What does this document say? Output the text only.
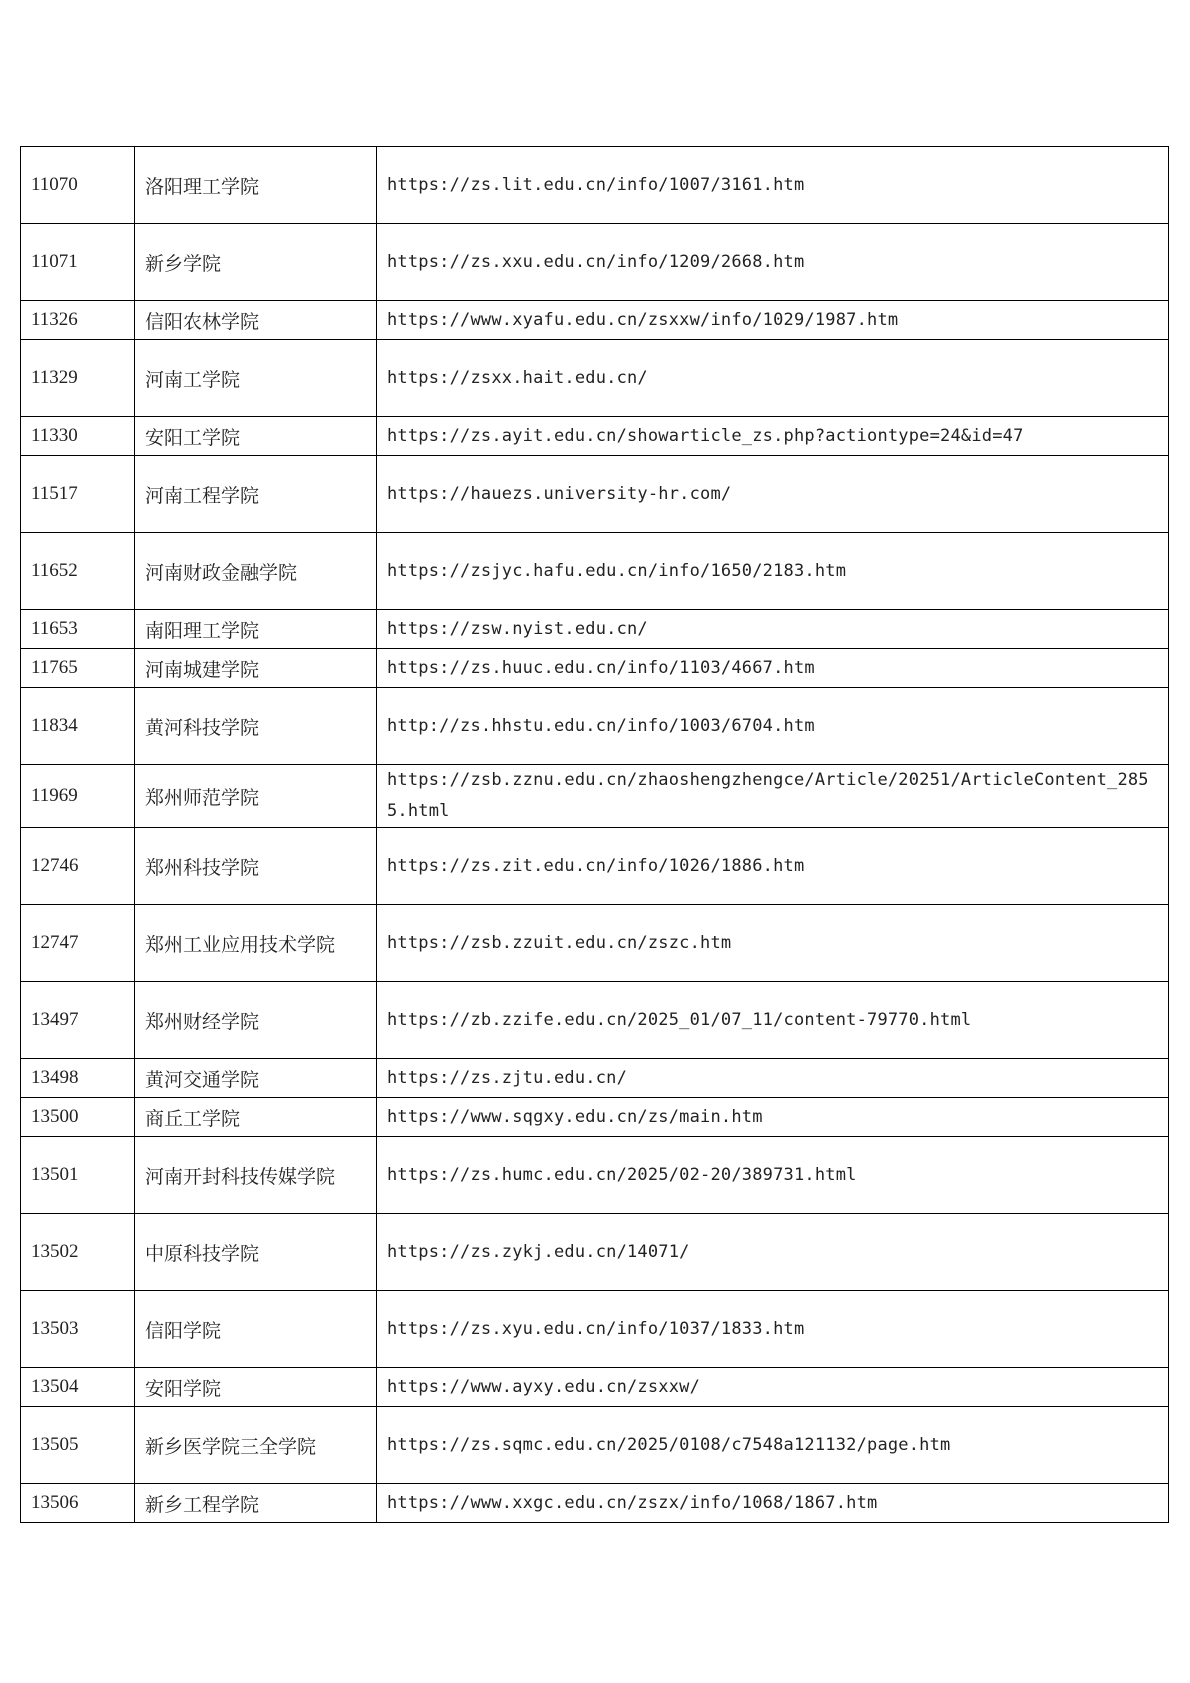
11070	洛阳理工学院	https://zs.lit.edu.cn/info/1007/3161.htm
11071	新乡学院	https://zs.xxu.edu.cn/info/1209/2668.htm
11326	信阳农林学院	https://www.xyafu.edu.cn/zsxxw/info/1029/1987.htm
11329	河南工学院	https://zsxx.hait.edu.cn/
11330	安阳工学院	https://zs.ayit.edu.cn/showarticle_zs.php?actiontype=24&id=47
11517	河南工程学院	https://hauezs.university-hr.com/
11652	河南财政金融学院	https://zsjyc.hafu.edu.cn/info/1650/2183.htm
11653	南阳理工学院	https://zsw.nyist.edu.cn/
11765	河南城建学院	https://zs.huuc.edu.cn/info/1103/4667.htm
11834	黄河科技学院	http://zs.hhstu.edu.cn/info/1003/6704.htm
11969	郑州师范学院	https://zsb.zznu.edu.cn/zhaoshengzhengce/Article/20251/ArticleContent_2855.html
12746	郑州科技学院	https://zs.zit.edu.cn/info/1026/1886.htm
12747	郑州工业应用技术学院	https://zsb.zzuit.edu.cn/zszc.htm
13497	郑州财经学院	https://zb.zzife.edu.cn/2025_01/07_11/content-79770.html
13498	黄河交通学院	https://zs.zjtu.edu.cn/
13500	商丘工学院	https://www.sqgxy.edu.cn/zs/main.htm
13501	河南开封科技传媒学院	https://zs.humc.edu.cn/2025/02-20/389731.html
13502	中原科技学院	https://zs.zykj.edu.cn/14071/
13503	信阳学院	https://zs.xyu.edu.cn/info/1037/1833.htm
13504	安阳学院	https://www.ayxy.edu.cn/zsxxw/
13505	新乡医学院三全学院	https://zs.sqmc.edu.cn/2025/0108/c7548a121132/page.htm
13506	新乡工程学院	https://www.xxgc.edu.cn/zszx/info/1068/1867.htm
